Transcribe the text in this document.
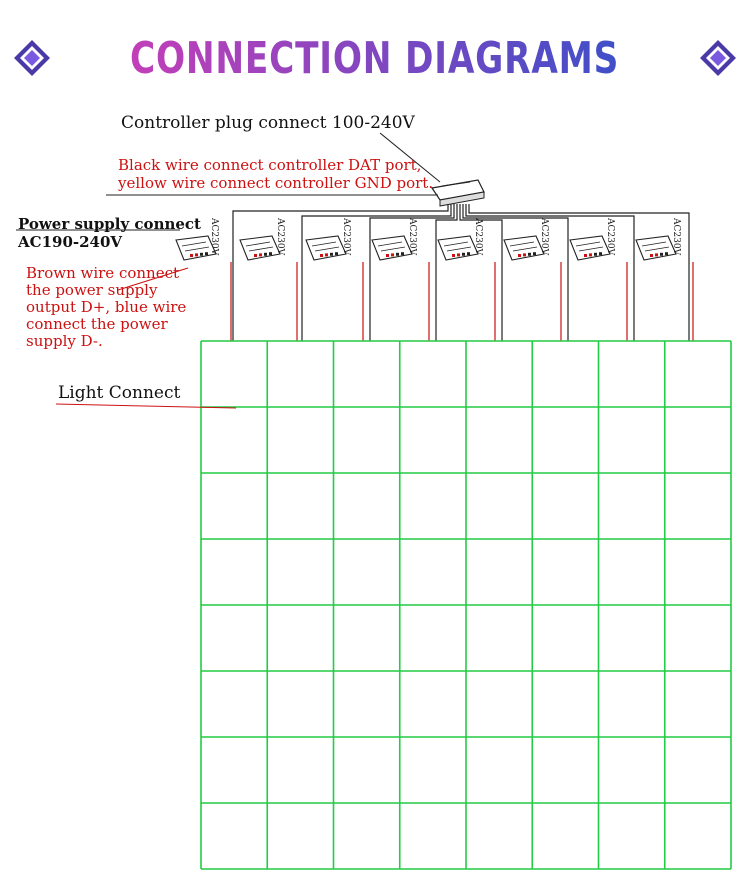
CONNECTION DIAGRAMS
AC230V	AC230V	AC230V	AC230V	AC230V	AC230V	AC230V	AC230V
Controller plug connect 100-240V
Black wire connect controller DAT port,
yellow wire connect controller GND port.
Power supply connect
AC190-240V
Brown wire connect
the power supply
output D+, blue wire
connect the power
supply D-.
Light Connect
